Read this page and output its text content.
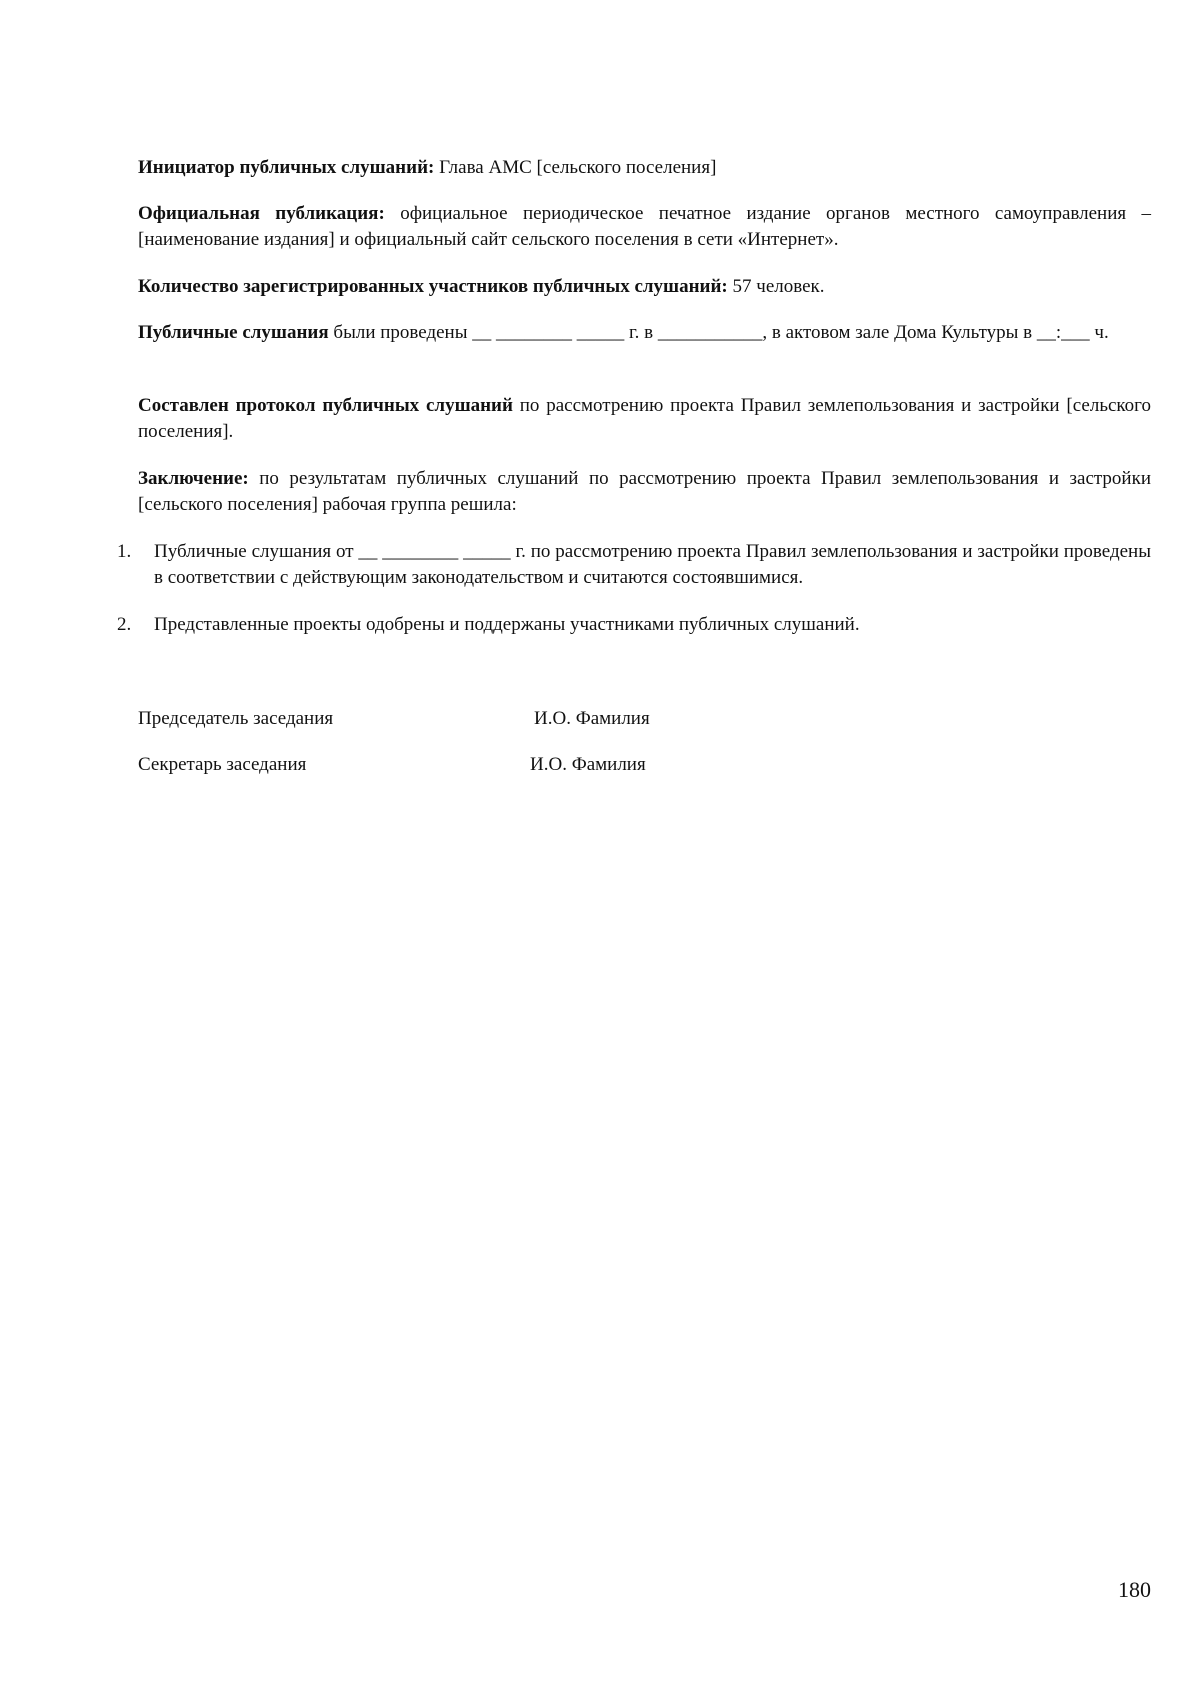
Инициатор публичных слушаний: Глава АМС [сельского поселения]

Официальная публикация: официальное периодическое печатное издание органов местного самоуправления – [наименование издания] и официальный сайт сельского поселения в сети «Интернет».

Количество зарегистрированных участников публичных слушаний: 57 человек.

Публичные слушания были проведены __ ________ _____ г. в ___________, в актовом зале Дома Культуры в __:___ ч.

Составлен протокол публичных слушаний по рассмотрению проекта Правил землепользования и застройки [сельского поселения].

Заключение: по результатам публичных слушаний по рассмотрению проекта Правил землепользования и застройки [сельского поселения] рабочая группа решила:

1.	Публичные слушания от __ ________ _____ г. по рассмотрению проекта Правил землепользования и застройки проведены в соответствии с действующим законодательством и считаются состоявшимися.
2.	Представленные проекты одобрены и поддержаны участниками публичных слушаний.
Председатель заседания	И.О. Фамилия
Секретарь заседания	И.О. Фамилия
180
